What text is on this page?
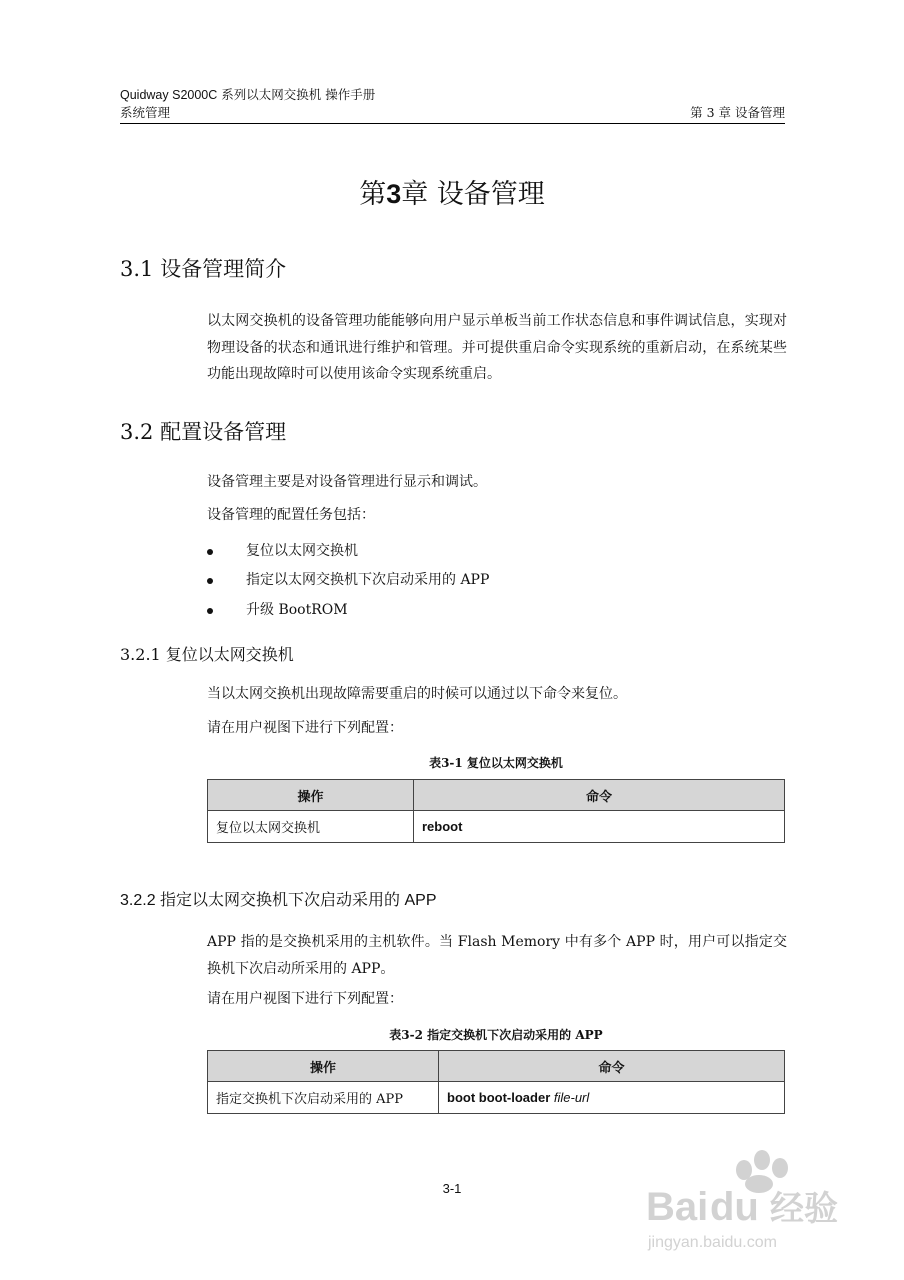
Quidway S2000C 系列以太网交换机 操作手册
系统管理	第 3 章 设备管理
第3章 设备管理
3.1 设备管理简介
以太网交换机的设备管理功能能够向用户显示单板当前工作状态信息和事件调试信息，实现对物理设备的状态和通讯进行维护和管理。并可提供重启命令实现系统的重新启动，在系统某些功能出现故障时可以使用该命令实现系统重启。
3.2 配置设备管理
设备管理主要是对设备管理进行显示和调试。
设备管理的配置任务包括：
复位以太网交换机
指定以太网交换机下次启动采用的 APP
升级 BootROM
3.2.1 复位以太网交换机
当以太网交换机出现故障需要重启的时候可以通过以下命令来复位。
请在用户视图下进行下列配置：
表3-1 复位以太网交换机
操作	命令
复位以太网交换机	reboot
3.2.2 指定以太网交换机下次启动采用的 APP
APP 指的是交换机采用的主机软件。当 Flash Memory 中有多个 APP 时，用户可以指定交换机下次启动所采用的 APP。
请在用户视图下进行下列配置：
表3-2 指定交换机下次启动采用的 APP
操作	命令
指定交换机下次启动采用的 APP	boot boot-loader file-url
3-1	Bai du 经验
jingyan.baidu.com
